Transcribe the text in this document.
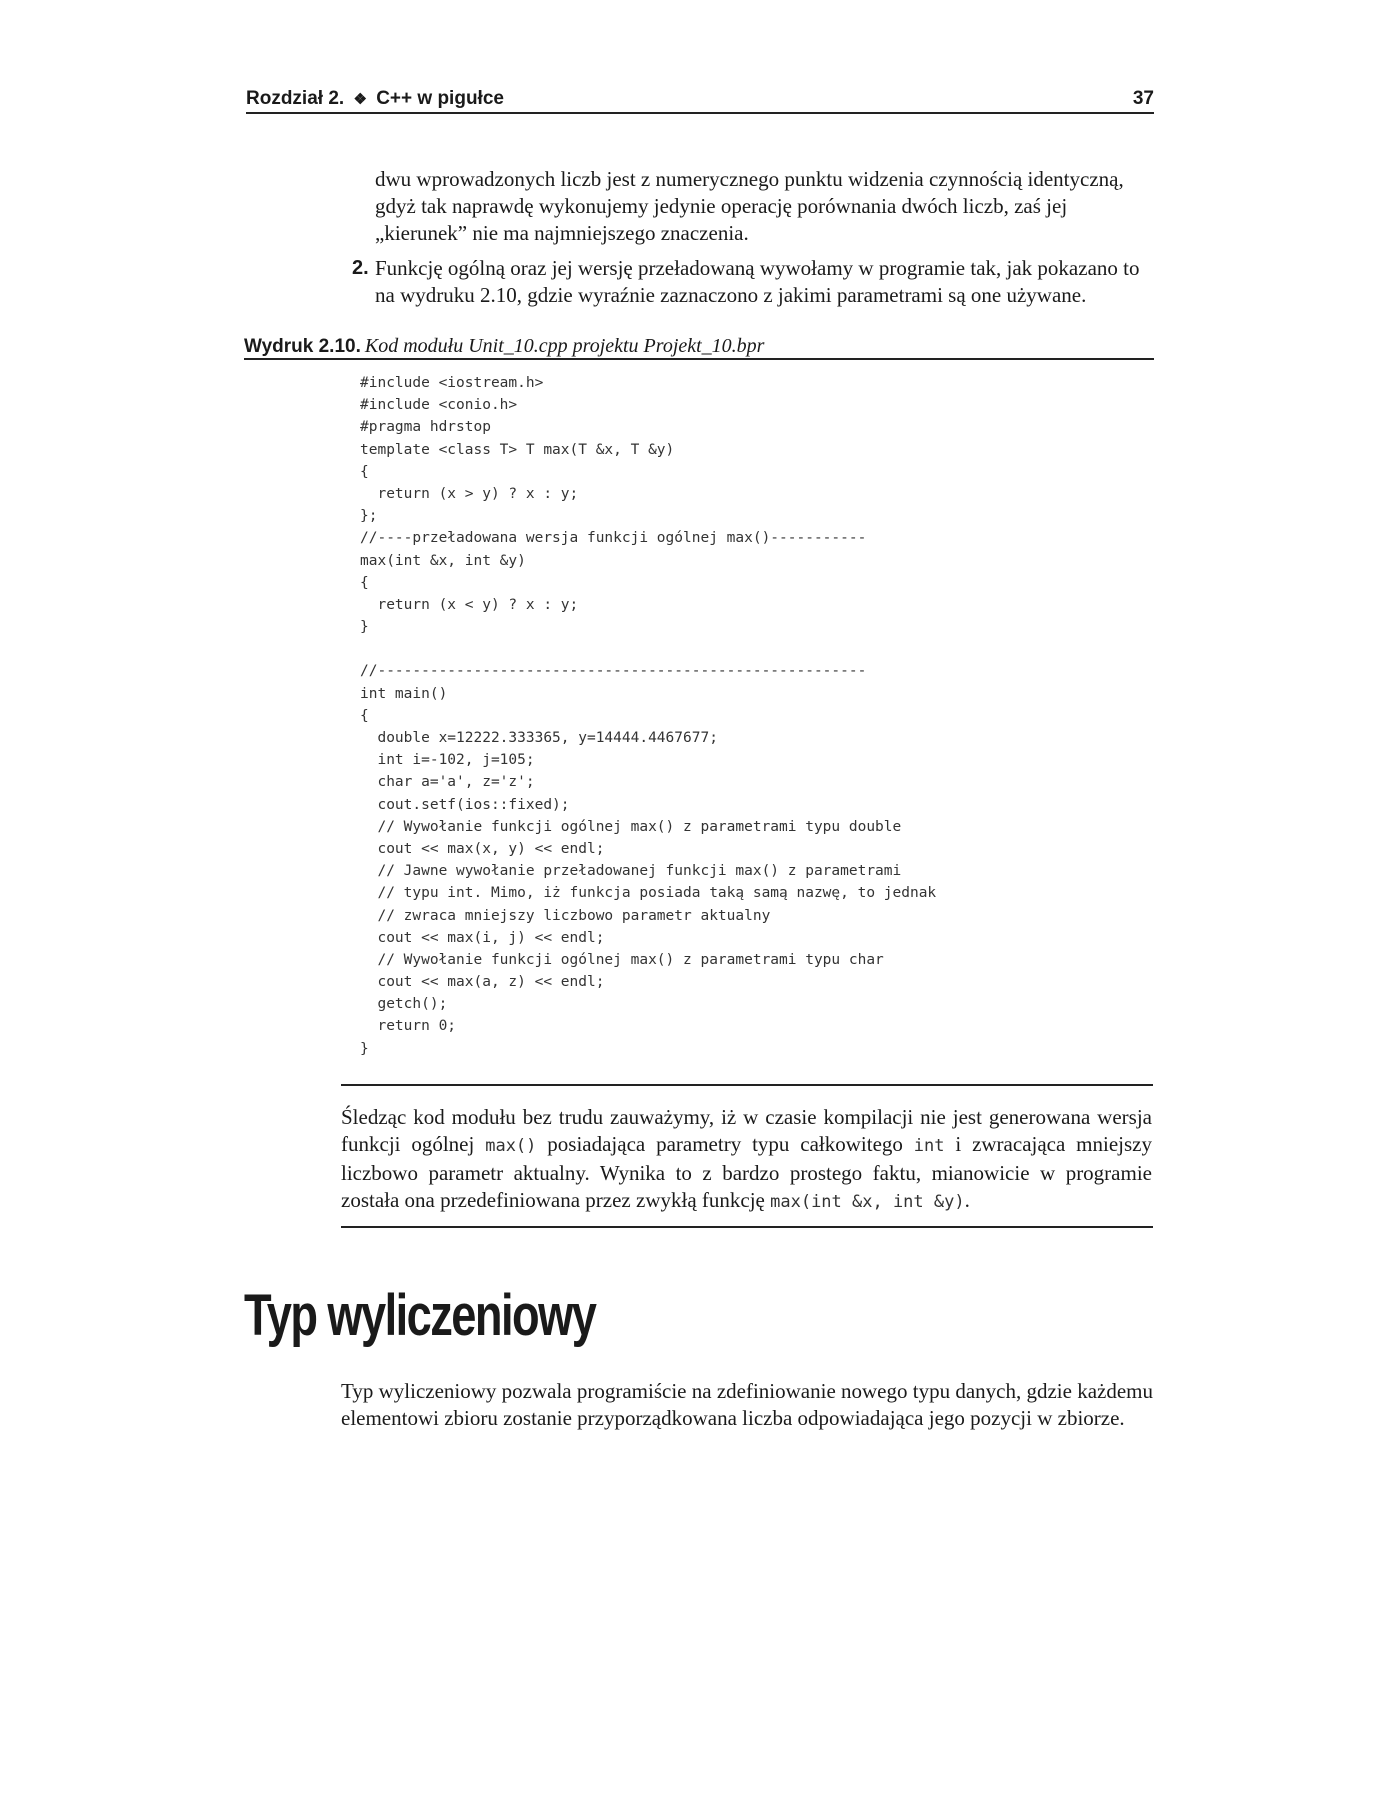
Rozdział 2. ❖ C++ w pigułce	37

dwu wprowadzonych liczb jest z numerycznego punktu widzenia czynnością identyczną, gdyż tak naprawdę wykonujemy jedynie operację porównania dwóch liczb, zaś jej „kierunek” nie ma najmniejszego znaczenia.

2. Funkcję ogólną oraz jej wersję przeładowaną wywołamy w programie tak, jak pokazano to na wydruku 2.10, gdzie wyraźnie zaznaczono z jakimi parametrami są one używane.

Wydruk 2.10. Kod modułu Unit_10.cpp projektu Projekt_10.bpr
#include <iostream.h>
#include <conio.h>
#pragma hdrstop
template <class T> T max(T &x, T &y)
{
return (x > y) ? x : y;
};
//----przeładowana wersja funkcji ogólnej max()-----------
max(int &x, int &y)
{
return (x < y) ? x : y;
}
//--------------------------------------------------------
int main()
{
double x=12222.333365, y=14444.4467677;
int i=-102, j=105;
char a='a', z='z';
cout.setf(ios::fixed);
// Wywołanie funkcji ogólnej max() z parametrami typu double
cout << max(x, y) << endl;
// Jawne wywołanie przeładowanej funkcji max() z parametrami
// typu int. Mimo, iż funkcja posiada taką samą nazwę, to jednak
// zwraca mniejszy liczbowo parametr aktualny
cout << max(i, j) << endl;
// Wywołanie funkcji ogólnej max() z parametrami typu char
cout << max(a, z) << endl;
getch();
return 0;
}

Śledząc kod modułu bez trudu zauważymy, iż w czasie kompilacji nie jest generowana wersja funkcji ogólnej max() posiadająca parametry typu całkowitego int i zwracająca mniejszy liczbowo parametr aktualny. Wynika to z bardzo prostego faktu, mianowicie w programie została ona przedefiniowana przez zwykłą funkcję max(int &x, int &y).

Typ wyliczeniowy

Typ wyliczeniowy pozwala programiście na zdefiniowanie nowego typu danych, gdzie każdemu elementowi zbioru zostanie przyporządkowana liczba odpowiadająca jego pozycji w zbiorze.
